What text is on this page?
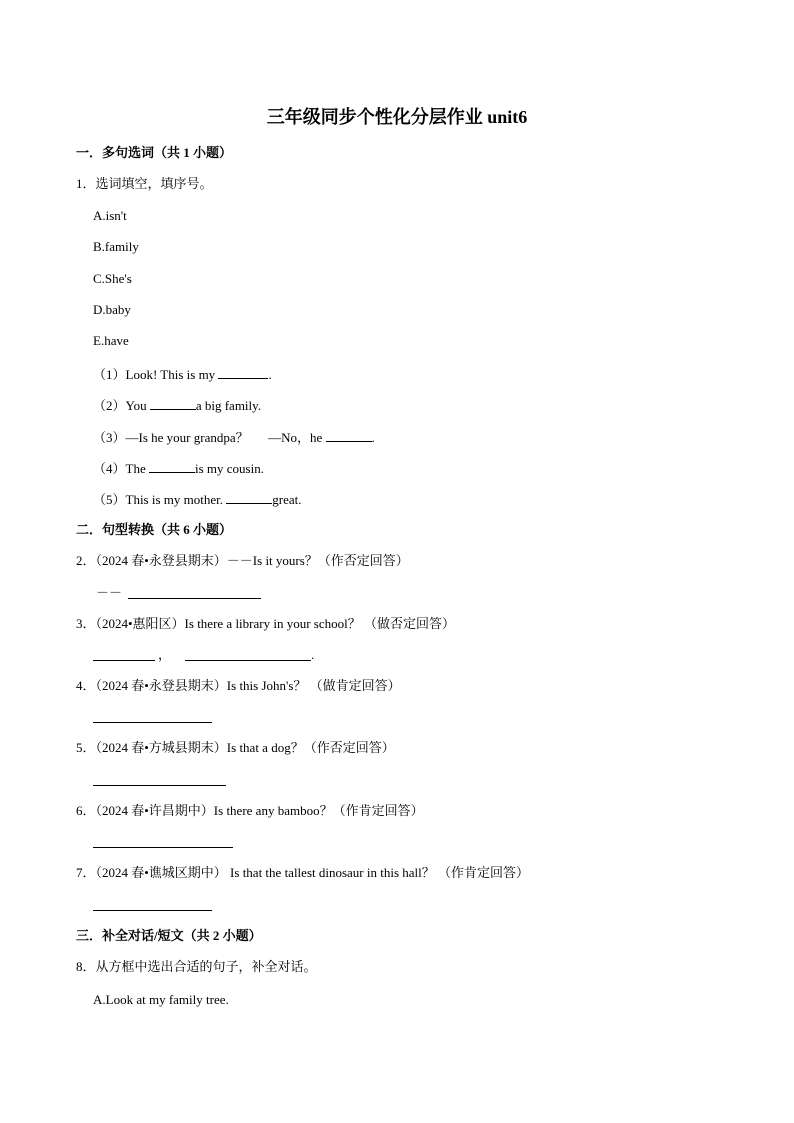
三年级同步个性化分层作业 unit6
一．多句选词（共 1 小题）
1．选词填空，填序号。
A.isn't
B.family
C.She's
D.baby
E.have
（1）Look! This is my	.
（2）You	a big family.
（3）—Is he your grandpa？      —No，he	.
（4）The	is my cousin.
（5）This is my mother.	great.
二．句型转换（共 6 小题）
2．（2024 春•永登县期末）－－Is it yours？（作否定回答）
－－
3．（2024•惠阳区）Is there a library in your school？ （做否定回答）
，	.
4．（2024 春•永登县期末）Is this John's？ （做肯定回答）
5．（2024 春•方城县期末）Is that a dog？（作否定回答）
6．（2024 春•许昌期中）Is there any bamboo？（作肯定回答）
7．（2024 春•谯城区期中） Is that the tallest dinosaur in this hall？ （作肯定回答）
三．补全对话/短文（共 2 小题）
8．从方框中选出合适的句子，补全对话。
A.Look at my family tree.
